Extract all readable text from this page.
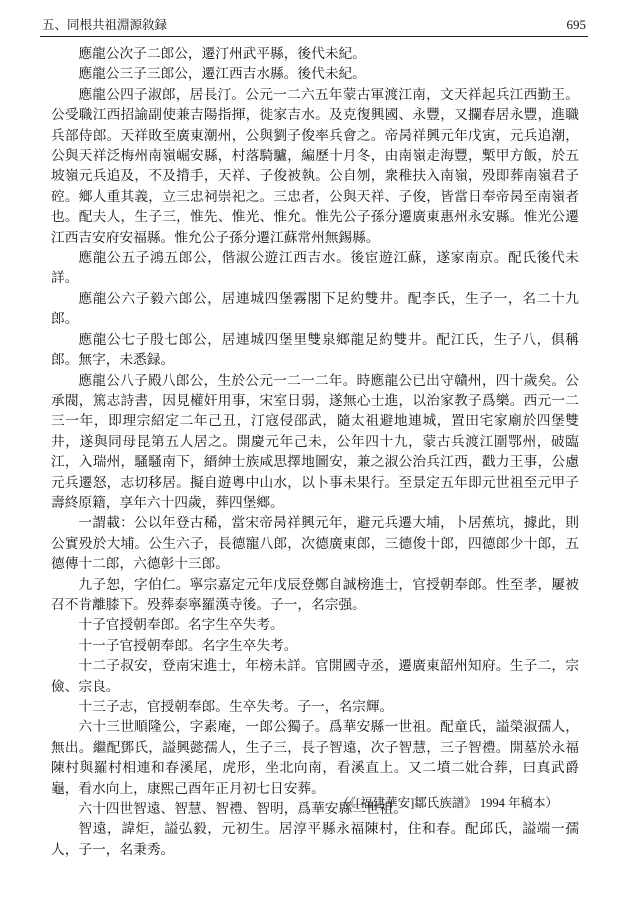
五、同根共祖淵源敘録	695

應龍公次子二郎公，遷汀州武平縣，後代未紀。

應龍公三子三郎公，遷江西吉水縣。後代未紀。

應龍公四子淑郎，居長汀。公元一二六五年蒙古軍渡江南，文天祥起兵江西勤王。公受職江西招諭副使兼吉陽指揮，徙家吉水。及克復興國、永豐，又攔春居永豐，進職兵部侍郎。天祥敗至廣東潮州，公與劉子俊率兵會之。帝昺祥興元年戊寅，元兵追潮，公與天祥泛梅州南嶺崛安縣，村落騎驢，編歷十月冬，由南嶺走海豐，槧甲方飯，於五坡嶺元兵追及，不及揹手，天祥、子俊被執。公自刎，衆稚扶入南嶺，殁即葬南嶺君子硿。鄉人重其義，立三忠祠崇祀之。三忠者，公與天祥、子俊，皆當日奉帝昺至南嶺者也。配夫人，生子三，惟先、惟光、惟允。惟先公子孫分遷廣東惠州永安縣。惟光公遷江西吉安府安福縣。惟允公子孫分遷江蘇常州無錫縣。

應龍公五子鴻五郎公，偕淑公遊江西吉水。後宦遊江蘇，遂家南京。配氏後代未詳。

應龍公六子毅六郎公，居連城四堡霧閣下足約雙井。配李氏，生子一，名二十九郎。

應龍公七子殷七郎公，居連城四堡里雙泉鄉龍足約雙井。配江氏，生子八，俱稱郎。無字，未悉録。

應龍公八子殿八郎公，生於公元一二一二年。時應龍公已出守贛州，四十歲矣。公承閥，篤志詩書，因見權奸用事，宋室日弱，遂無心士進，以治家教子爲樂。西元一二三一年，即理宗紹定二年己丑，汀寇侵邵武，隨太祖避地連城，置田宅家廟於四堡雙井，遂與同母昆第五人居之。開慶元年己未，公年四十九，蒙古兵渡江圍鄂州，破臨江，入瑞州，騷騷南下，縉紳士族咸思擇地圖安，兼之淑公治兵江西，戳力王事，公慮元兵遷怒，志切移居。擬自遊粵中山水，以卜事未果行。至景定五年即元世祖至元甲子壽終原籍，享年六十四歲，葬四堡鄉。

一謂載：公以年登古稀，當宋帝昺祥興元年，避元兵遷大埔，卜居蕉坑，據此，則公實殁於大埔。公生六子，長德寵八郎，次德廣東郎，三德俊十郎，四德郎少十郎，五德傳十二郎，六德彰十三郎。

九子恕，字伯仁。寧宗嘉定元年戊辰登鄭自誠榜進士，官授朝奉郎。性至孝，屢被召不肯離膝下。殁葬泰寧羅漢寺後。子一，名宗强。

十子官授朝奉郎。名字生卒失考。

十一子官授朝奉郎。名字生卒失考。

十二子叔安，登南宋進士，年榜未詳。官開國寺丞，遷廣東韶州知府。生子二，宗儉、宗良。

十三子志，官授朝奉郎。生卒失考。子一，名宗輝。

六十三世順隆公，字素庵，一郎公獨子。爲華安縣一世祖。配童氏，謚榮淑孺人，無出。繼配鄧氏，謚興懿孺人，生子三，長子智遠，次子智慧，三子智禮。開墓於永福陳村與羅村相連和春溪尾，虎形，坐北向南，看溪直上。又二墳二妣合葬，曰真武爵龜，看水向上，康熙己酉年正月初七日安葬。

六十四世智遠、智慧、智禮、智明，爲華安縣二世祖。

智遠，諱炬，謚弘毅，元初生。居淳平縣永福陳村，住和春。配邱氏，謚端一孺人，子一，名秉秀。

（《[福建華安]鄒氏族譜》 1994 年稿本）
